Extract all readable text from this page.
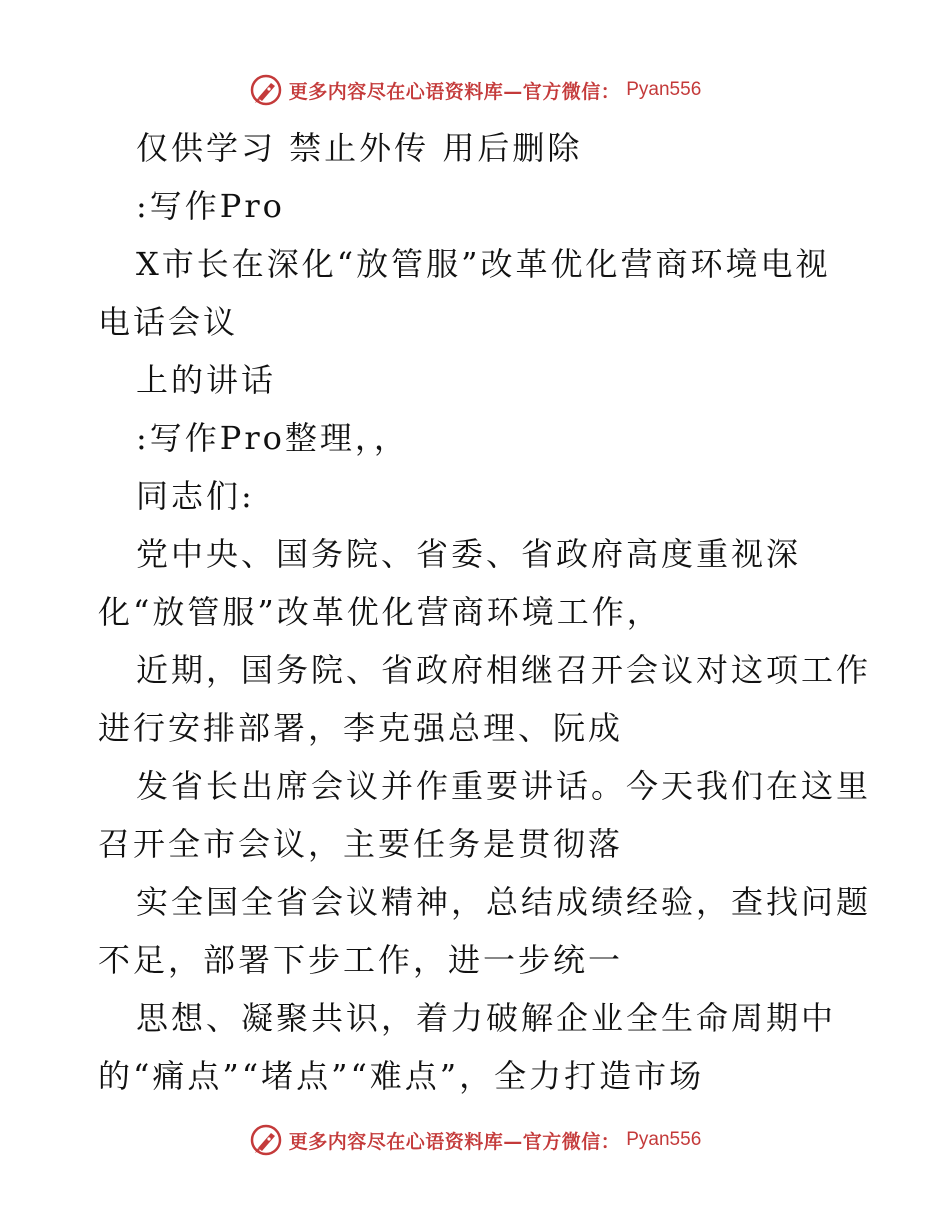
更多内容尽在心语资料库—官方微信： Pyan556
仅供学习 禁止外传 用后删除
:写作Pro
X市长在深化“放管服”改革优化营商环境电视
电话会议
上的讲话
:写作Pro整理，，
同志们:
党中央、国务院、省委、省政府高度重视深
化“放管服”改革优化营商环境工作，
近期，国务院、省政府相继召开会议对这项工作
进行安排部署，李克强总理、阮成
发省长出席会议并作重要讲话。今天我们在这里
召开全市会议，主要任务是贯彻落
实全国全省会议精神，总结成绩经验，查找问题
不足，部署下步工作，进一步统一
思想、凝聚共识，着力破解企业全生命周期中
的“痛点”“堵点”“难点”，全力打造市场
更多内容尽在心语资料库—官方微信： Pyan556
